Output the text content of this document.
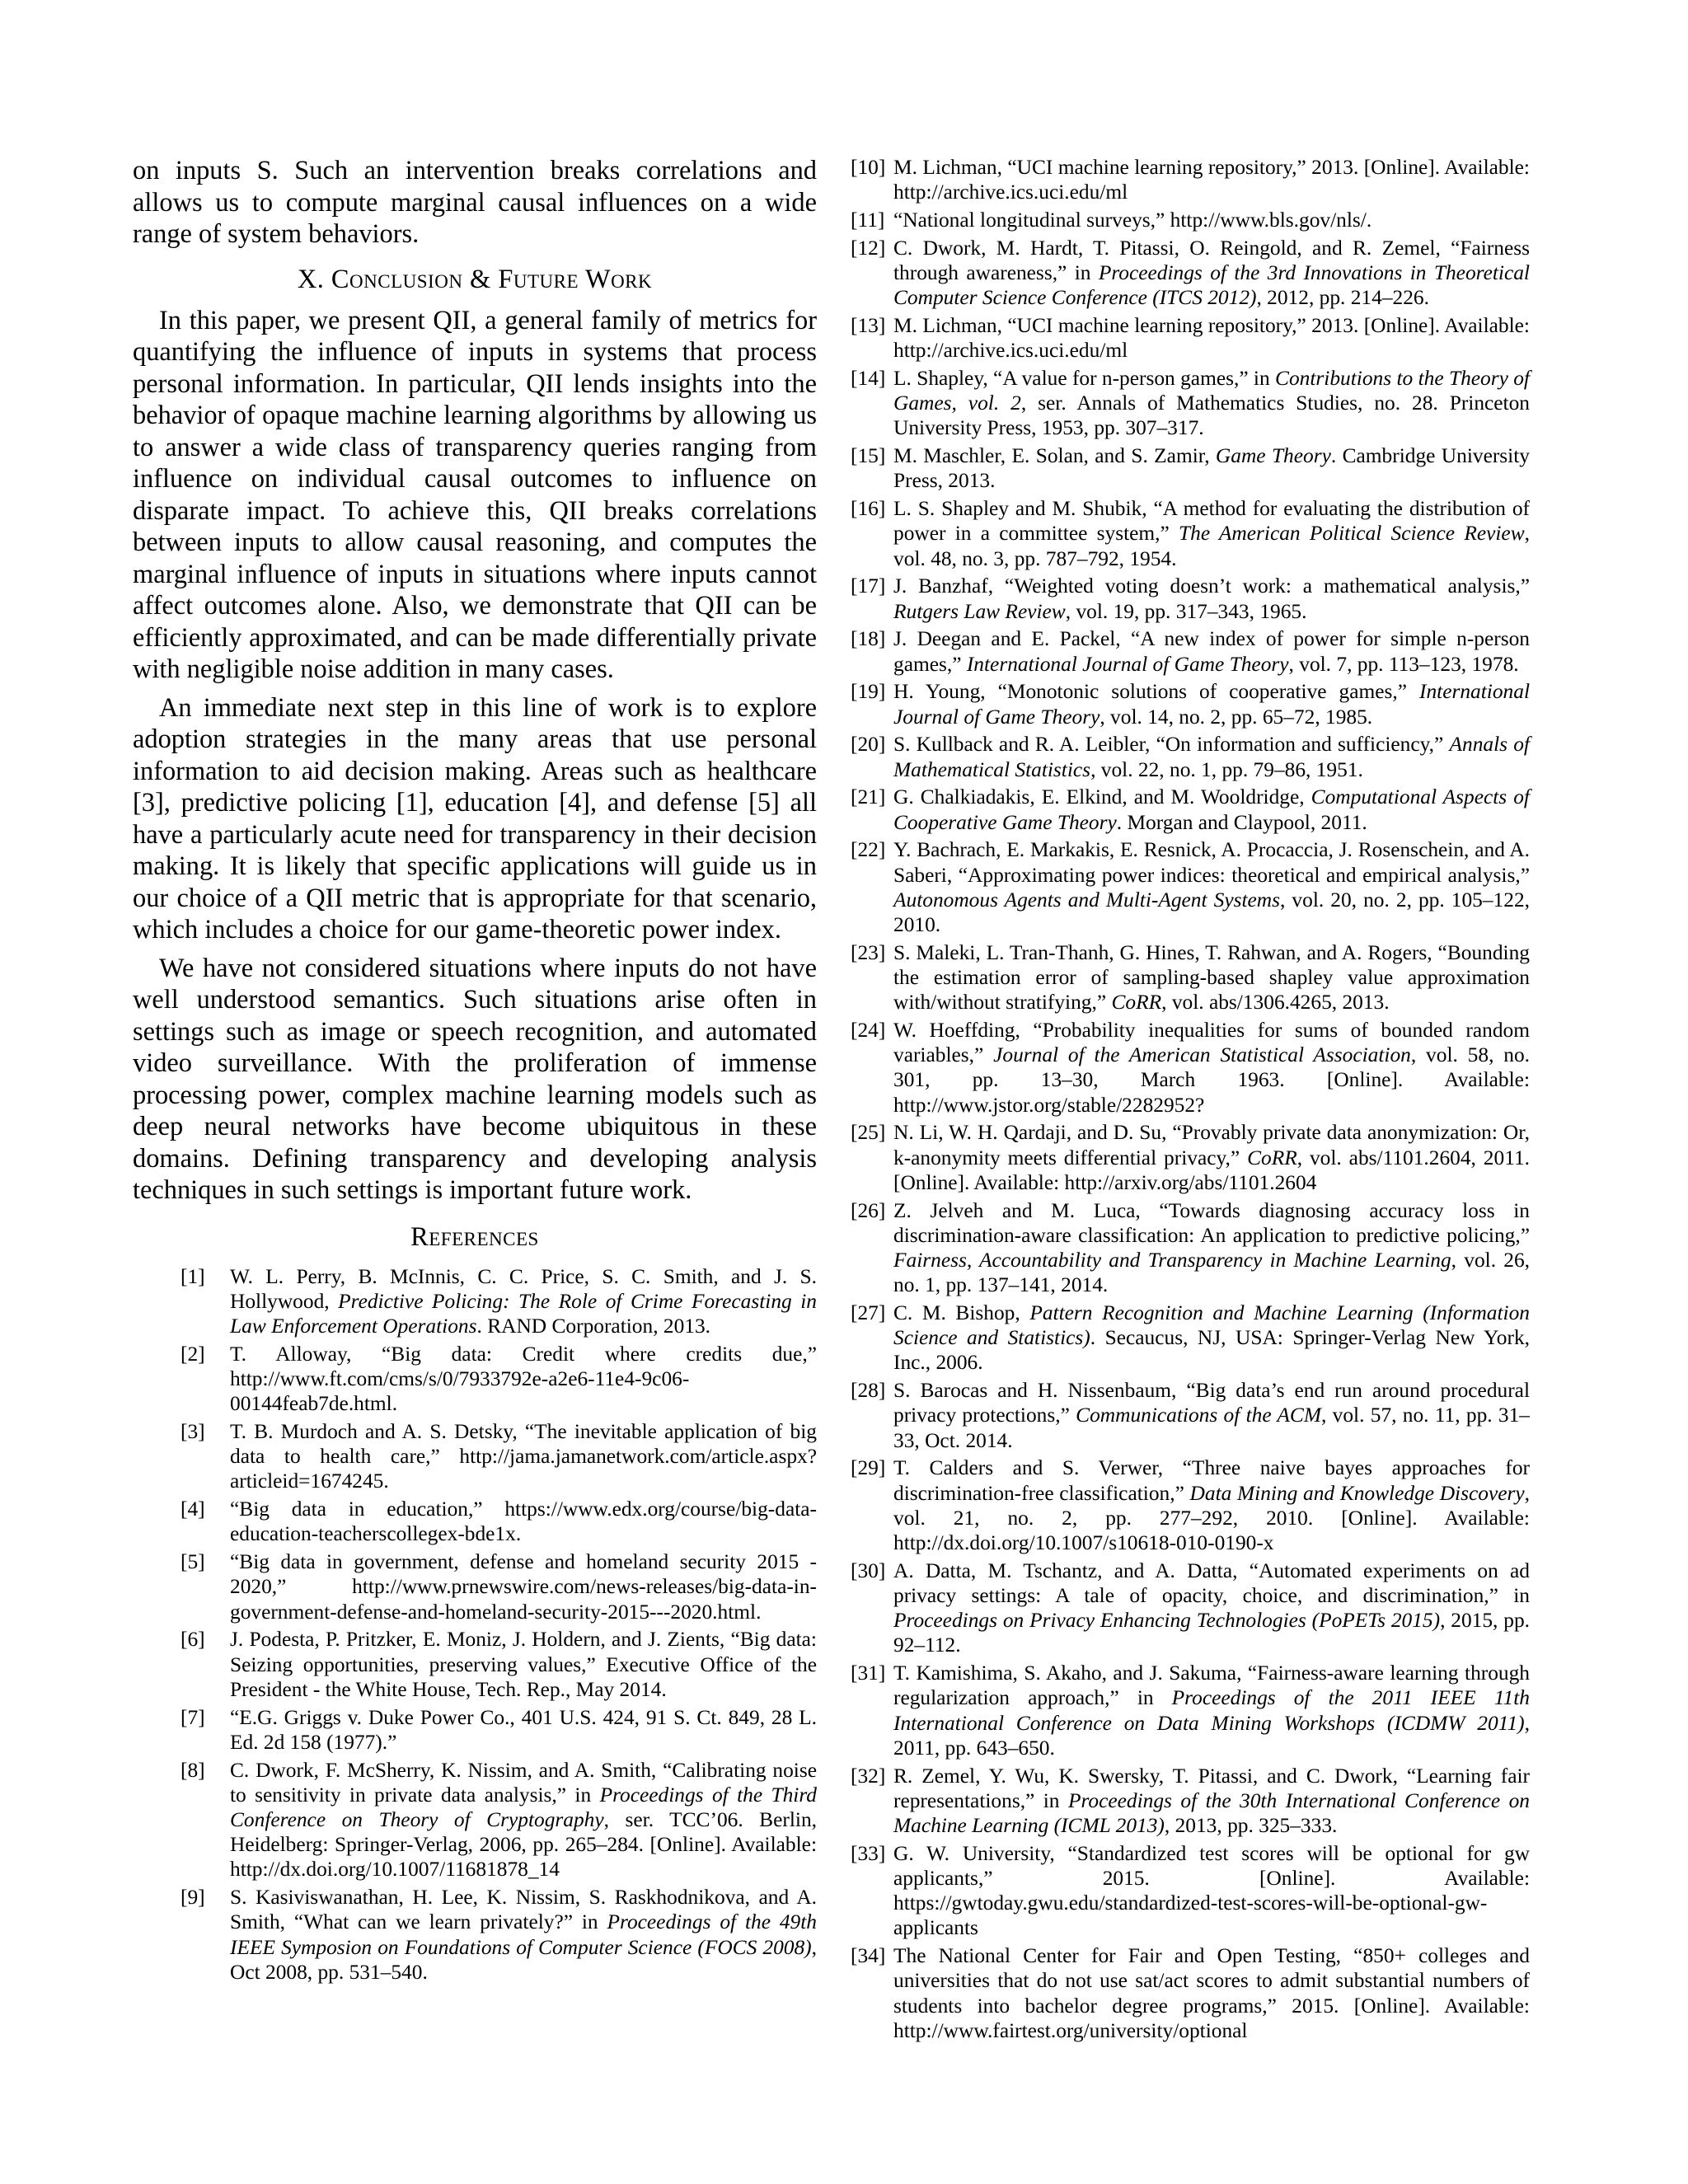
on inputs S. Such an intervention breaks correlations and allows us to compute marginal causal influences on a wide range of system behaviors.

X. Conclusion & Future Work

In this paper, we present QII, a general family of metrics for quantifying the influence of inputs in systems that process personal information. In particular, QII lends insights into the behavior of opaque machine learning algorithms by allowing us to answer a wide class of transparency queries ranging from influence on individual causal outcomes to influence on disparate impact. To achieve this, QII breaks correlations between inputs to allow causal reasoning, and computes the marginal influence of inputs in situations where inputs cannot affect outcomes alone. Also, we demonstrate that QII can be efficiently approximated, and can be made differentially private with negligible noise addition in many cases.

An immediate next step in this line of work is to explore adoption strategies in the many areas that use personal information to aid decision making. Areas such as healthcare [3], predictive policing [1], education [4], and defense [5] all have a particularly acute need for transparency in their decision making. It is likely that specific applications will guide us in our choice of a QII metric that is appropriate for that scenario, which includes a choice for our game-theoretic power index.

We have not considered situations where inputs do not have well understood semantics. Such situations arise often in settings such as image or speech recognition, and automated video surveillance. With the proliferation of immense processing power, complex machine learning models such as deep neural networks have become ubiquitous in these domains. Defining transparency and developing analysis techniques in such settings is important future work.

References
[1] W. L. Perry, B. McInnis, C. C. Price, S. C. Smith, and J. S. Hollywood, Predictive Policing: The Role of Crime Forecasting in Law Enforcement Operations. RAND Corporation, 2013.
[2] T. Alloway, “Big data: Credit where credits due,” http://www.ft.com/cms/s/0/7933792e-a2e6-11e4-9c06-00144feab7de.html.
[3] T. B. Murdoch and A. S. Detsky, “The inevitable application of big data to health care,” http://jama.jamanetwork.com/article.aspx?articleid=1674245.
[4] “Big data in education,” https://www.edx.org/course/big-data-education-teacherscollegex-bde1x.
[5] “Big data in government, defense and homeland security 2015 - 2020,” http://www.prnewswire.com/news-releases/big-data-in-government-defense-and-homeland-security-2015---2020.html.
[6] J. Podesta, P. Pritzker, E. Moniz, J. Holdern, and J. Zients, “Big data: Seizing opportunities, preserving values,” Executive Office of the President - the White House, Tech. Rep., May 2014.
[7] “E.G. Griggs v. Duke Power Co., 401 U.S. 424, 91 S. Ct. 849, 28 L. Ed. 2d 158 (1977).”
[8] C. Dwork, F. McSherry, K. Nissim, and A. Smith, “Calibrating noise to sensitivity in private data analysis,” in Proceedings of the Third Conference on Theory of Cryptography, ser. TCC’06. Berlin, Heidelberg: Springer-Verlag, 2006, pp. 265–284. [Online]. Available: http://dx.doi.org/10.1007/11681878_14
[9] S. Kasiviswanathan, H. Lee, K. Nissim, S. Raskhodnikova, and A. Smith, “What can we learn privately?” in Proceedings of the 49th IEEE Symposion on Foundations of Computer Science (FOCS 2008), Oct 2008, pp. 531–540.
[10] M. Lichman, “UCI machine learning repository,” 2013. [Online]. Available: http://archive.ics.uci.edu/ml
[11] “National longitudinal surveys,” http://www.bls.gov/nls/.
[12] C. Dwork, M. Hardt, T. Pitassi, O. Reingold, and R. Zemel, “Fairness through awareness,” in Proceedings of the 3rd Innovations in Theoretical Computer Science Conference (ITCS 2012), 2012, pp. 214–226.
[13] M. Lichman, “UCI machine learning repository,” 2013. [Online]. Available: http://archive.ics.uci.edu/ml
[14] L. Shapley, “A value for n-person games,” in Contributions to the Theory of Games, vol. 2, ser. Annals of Mathematics Studies, no. 28. Princeton University Press, 1953, pp. 307–317.
[15] M. Maschler, E. Solan, and S. Zamir, Game Theory. Cambridge University Press, 2013.
[16] L. S. Shapley and M. Shubik, “A method for evaluating the distribution of power in a committee system,” The American Political Science Review, vol. 48, no. 3, pp. 787–792, 1954.
[17] J. Banzhaf, “Weighted voting doesn’t work: a mathematical analysis,” Rutgers Law Review, vol. 19, pp. 317–343, 1965.
[18] J. Deegan and E. Packel, “A new index of power for simple n-person games,” International Journal of Game Theory, vol. 7, pp. 113–123, 1978.
[19] H. Young, “Monotonic solutions of cooperative games,” International Journal of Game Theory, vol. 14, no. 2, pp. 65–72, 1985.
[20] S. Kullback and R. A. Leibler, “On information and sufficiency,” Annals of Mathematical Statistics, vol. 22, no. 1, pp. 79–86, 1951.
[21] G. Chalkiadakis, E. Elkind, and M. Wooldridge, Computational Aspects of Cooperative Game Theory. Morgan and Claypool, 2011.
[22] Y. Bachrach, E. Markakis, E. Resnick, A. Procaccia, J. Rosenschein, and A. Saberi, “Approximating power indices: theoretical and empirical analysis,” Autonomous Agents and Multi-Agent Systems, vol. 20, no. 2, pp. 105–122, 2010.
[23] S. Maleki, L. Tran-Thanh, G. Hines, T. Rahwan, and A. Rogers, “Bounding the estimation error of sampling-based shapley value approximation with/without stratifying,” CoRR, vol. abs/1306.4265, 2013.
[24] W. Hoeffding, “Probability inequalities for sums of bounded random variables,” Journal of the American Statistical Association, vol. 58, no. 301, pp. 13–30, March 1963. [Online]. Available: http://www.jstor.org/stable/2282952?
[25] N. Li, W. H. Qardaji, and D. Su, “Provably private data anonymization: Or, k-anonymity meets differential privacy,” CoRR, vol. abs/1101.2604, 2011. [Online]. Available: http://arxiv.org/abs/1101.2604
[26] Z. Jelveh and M. Luca, “Towards diagnosing accuracy loss in discrimination-aware classification: An application to predictive policing,” Fairness, Accountability and Transparency in Machine Learning, vol. 26, no. 1, pp. 137–141, 2014.
[27] C. M. Bishop, Pattern Recognition and Machine Learning (Information Science and Statistics). Secaucus, NJ, USA: Springer-Verlag New York, Inc., 2006.
[28] S. Barocas and H. Nissenbaum, “Big data’s end run around procedural privacy protections,” Communications of the ACM, vol. 57, no. 11, pp. 31–33, Oct. 2014.
[29] T. Calders and S. Verwer, “Three naive bayes approaches for discrimination-free classification,” Data Mining and Knowledge Discovery, vol. 21, no. 2, pp. 277–292, 2010. [Online]. Available: http://dx.doi.org/10.1007/s10618-010-0190-x
[30] A. Datta, M. Tschantz, and A. Datta, “Automated experiments on ad privacy settings: A tale of opacity, choice, and discrimination,” in Proceedings on Privacy Enhancing Technologies (PoPETs 2015), 2015, pp. 92–112.
[31] T. Kamishima, S. Akaho, and J. Sakuma, “Fairness-aware learning through regularization approach,” in Proceedings of the 2011 IEEE 11th International Conference on Data Mining Workshops (ICDMW 2011), 2011, pp. 643–650.
[32] R. Zemel, Y. Wu, K. Swersky, T. Pitassi, and C. Dwork, “Learning fair representations,” in Proceedings of the 30th International Conference on Machine Learning (ICML 2013), 2013, pp. 325–333.
[33] G. W. University, “Standardized test scores will be optional for gw applicants,” 2015. [Online]. Available: https://gwtoday.gwu.edu/standardized-test-scores-will-be-optional-gw-applicants
[34] The National Center for Fair and Open Testing, “850+ colleges and universities that do not use sat/act scores to admit substantial numbers of students into bachelor degree programs,” 2015. [Online]. Available: http://www.fairtest.org/university/optional
